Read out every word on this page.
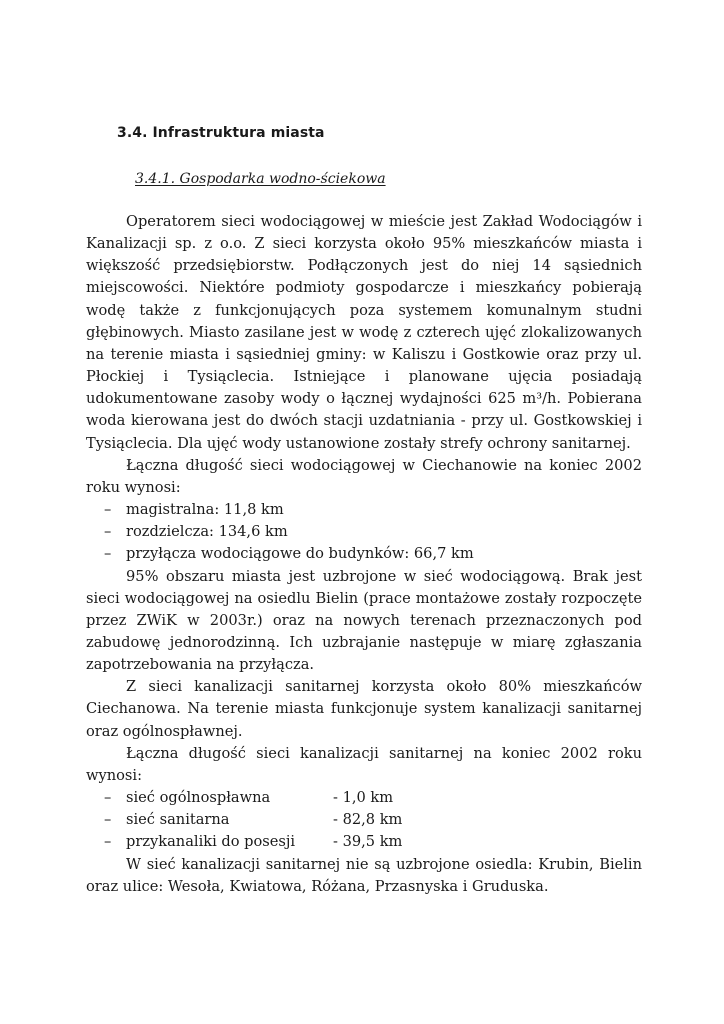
3.4. Infrastruktura miasta
3.4.1. Gospodarka wodno-ściekowa

Operatorem sieci wodociągowej w mieście jest Zakład Wodociągów i Kanalizacji sp. z o.o. Z sieci korzysta około 95% mieszkańców miasta i większość przedsiębiorstw. Podłączonych jest do niej 14 sąsiednich miejscowości. Niektóre podmioty gospodarcze i mieszkańcy pobierają wodę także z funkcjonujących poza systemem komunalnym studni głębinowych. Miasto zasilane jest w wodę z czterech ujęć zlokalizowanych na terenie miasta i sąsiedniej gminy: w Kaliszu i Gostkowie oraz przy ul. Płockiej i Tysiąclecia. Istniejące i planowane ujęcia posiadają udokumentowane zasoby wody o łącznej wydajności 625 m³/h. Pobierana woda kierowana jest do dwóch stacji uzdatniania - przy ul. Gostkowskiej i Tysiąclecia. Dla ujęć wody ustanowione zostały strefy ochrony sanitarnej.

Łączna długość sieci wodociągowej w Ciechanowie na koniec 2002 roku wynosi:

– magistralna: 11,8 km
– rozdzielcza: 134,6 km
– przyłącza wodociągowe do budynków: 66,7 km

95% obszaru miasta jest uzbrojone w sieć wodociągową. Brak jest sieci wodociągowej na osiedlu Bielin (prace montażowe zostały rozpoczęte przez ZWiK w 2003r.) oraz na nowych terenach przeznaczonych pod zabudowę jednorodzinną. Ich uzbrajanie następuje w miarę zgłaszania zapotrzebowania na przyłącza.

Z sieci kanalizacji sanitarnej korzysta około 80% mieszkańców Ciechanowa. Na terenie miasta funkcjonuje system kanalizacji sanitarnej oraz ogólnospławnej.

Łączna długość sieci kanalizacji sanitarnej na koniec 2002 roku wynosi:

– sieć ogólnospławna	- 1,0 km
– sieć sanitarna	- 82,8 km
– przykanaliki do posesji	- 39,5 km

W sieć kanalizacji sanitarnej nie są uzbrojone osiedla: Krubin, Bielin oraz ulice: Wesoła, Kwiatowa, Różana, Przasnyska i Gruduska.
